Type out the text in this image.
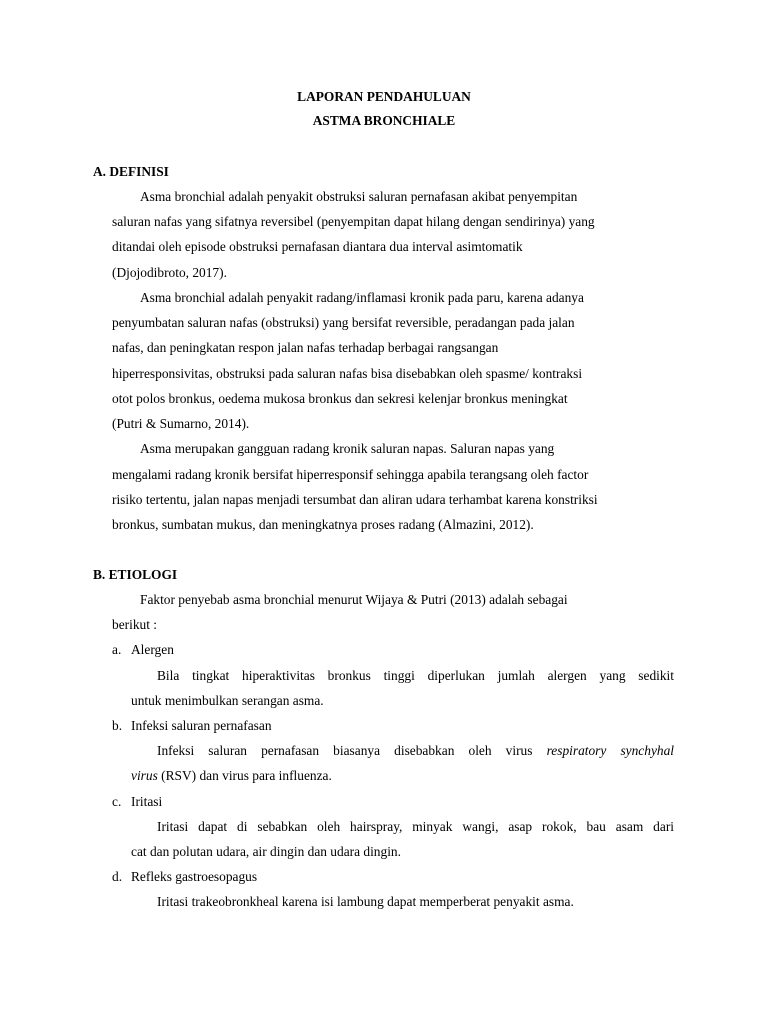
LAPORAN PENDAHULUAN
ASTMA BRONCHIALE
A. DEFINISI
Asma bronchial adalah penyakit obstruksi saluran pernafasan akibat penyempitan
saluran nafas yang sifatnya reversibel (penyempitan dapat hilang dengan sendirinya) yang
ditandai oleh episode obstruksi pernafasan diantara dua interval asimtomatik
(Djojodibroto, 2017).
Asma bronchial adalah penyakit radang/inflamasi kronik pada paru, karena adanya
penyumbatan saluran nafas (obstruksi) yang bersifat reversible, peradangan pada jalan
nafas, dan peningkatan respon jalan nafas terhadap berbagai rangsangan
hiperresponsivitas, obstruksi pada saluran nafas bisa disebabkan oleh spasme/ kontraksi
otot polos bronkus, oedema mukosa bronkus dan sekresi kelenjar bronkus meningkat
(Putri & Sumarno, 2014).
Asma merupakan gangguan radang kronik saluran napas. Saluran napas yang
mengalami radang kronik bersifat hiperresponsif sehingga apabila terangsang oleh factor
risiko tertentu, jalan napas menjadi tersumbat dan aliran udara terhambat karena konstriksi
bronkus, sumbatan mukus, dan meningkatnya proses radang (Almazini, 2012).
B. ETIOLOGI
Faktor penyebab asma bronchial menurut Wijaya & Putri (2013) adalah sebagai
berikut :
a. Alergen
Bila tingkat hiperaktivitas bronkus tinggi diperlukan jumlah alergen yang sedikit
untuk menimbulkan serangan asma.
b. Infeksi saluran pernafasan
Infeksi saluran pernafasan biasanya disebabkan oleh virus respiratory synchyhal
virus (RSV) dan virus para influenza.
c. Iritasi
Iritasi dapat di sebabkan oleh hairspray, minyak wangi, asap rokok, bau asam dari
cat dan polutan udara, air dingin dan udara dingin.
d. Refleks gastroesopagus
Iritasi trakeobronkheal karena isi lambung dapat memperberat penyakit asma.
